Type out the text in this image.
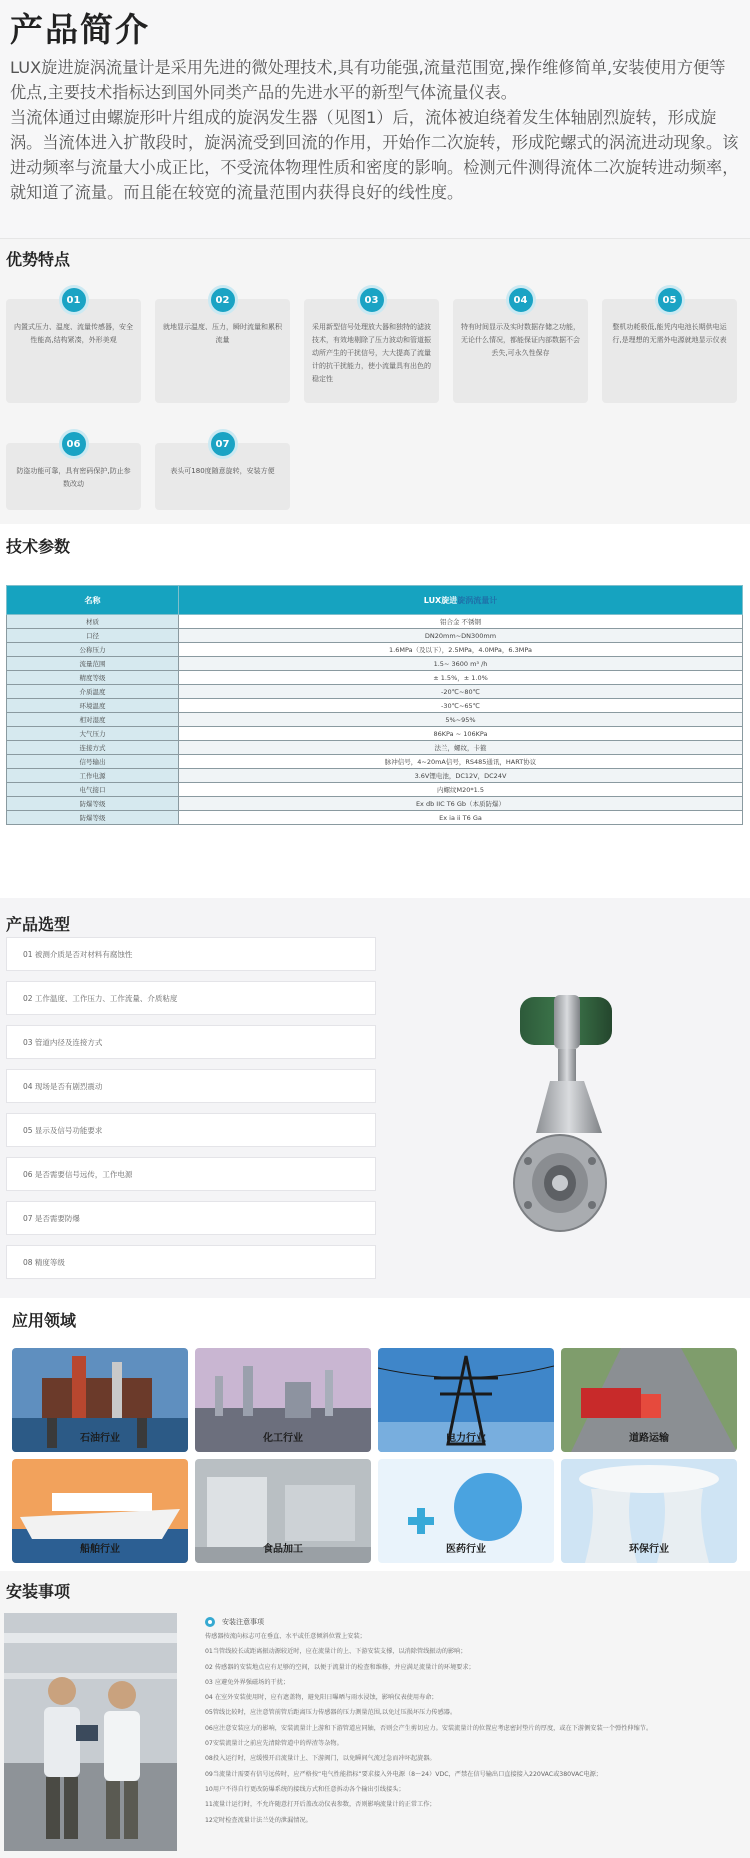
产品简介

LUX旋进旋涡流量计是采用先进的微处理技术,具有功能强,流量范围宽,操作维修简单,安装使用方便等优点,主要技术指标达到国外同类产品的先进水平的新型气体流量仪表。

当流体通过由螺旋形叶片组成的旋涡发生器（见图1）后，流体被迫绕着发生体轴剧烈旋转，形成旋涡。当流体进入扩散段时，旋涡流受到回流的作用，开始作二次旋转，形成陀螺式的涡流进动现象。该进动频率与流量大小成正比，不受流体物理性质和密度的影响。检测元件测得流体二次旋转进动频率，就知道了流量。而且能在较宽的流量范围内获得良好的线性度。

优势特点
01
内置式压力、温度、流量传感器，安全性能高,结构紧凑，外形美观
02
就地显示温度、压力，瞬时流量和累积流量
03
采用新型信号处理放大器和独特的滤波技术，有效地剔除了压力波动和管道振动所产生的干扰信号，大大提高了流量计的抗干扰能力，使小流量具有出色的稳定性
04
特有时间显示及实时数据存储之功能，无论什么情况，都能保证内部数据不会丢失,可永久性保存
05
整机功耗极低,能凭内电池长期供电运行,是理想的无需外电源就地显示仪表
06
防盗功能可靠，具有密码保护,防止参数改动
07
表头可180度随意旋转，安装方便
技术参数
名称	LUX旋进旋涡流量计
材质	铝合金 不锈钢
口径	DN20mm~DN300mm
公称压力	1.6MPa（及以下），2.5MPa，4.0MPa，6.3MPa
流量范围	1.5~ 3600 m³ /h
精度等级	± 1.5%，± 1.0%
介质温度	-20℃~80℃
环境温度	-30℃~65℃
相对湿度	5%~95%
大气压力	86KPa ~ 106KPa
连接方式	法兰，螺纹，卡箍
信号输出	脉冲信号，4~20mA信号，RS485通讯，HART协议
工作电源	3.6V锂电池，DC12V，DC24V
电气接口	内螺纹M20*1.5
防爆等级	Ex db IIC T6 Gb（本质防爆）
防爆等级	Ex ia ii T6 Ga
产品选型
01 被测介质是否对材料有腐蚀性
02 工作温度、工作压力、工作流量、介质粘度
03 管道内径及连接方式
04 现场是否有剧烈震动
05 显示及信号功能要求
06 是否需要信号远传，工作电源
07 是否需要防爆
08 精度等级
应用领域
石油行业	化工行业	电力行业	道路运输
船舶行业	食品加工	医药行业	环保行业
安装事项
安装注意事项
传感器按流向标志可在垂直、水平或任意倾斜位置上安装；
01当管线较长或距离振动源较近时，应在流量计的上、下游安装支撑，以消除管线振动的影响；
02 传感器的安装地点应有足够的空间，以便于流量计的检查和维修，并应满足流量计的环境要求；
03 应避免外界强磁场的干扰；
04 在室外安装使用时，应有遮盖物，避免阳日曝晒与雨水浸蚀，影响仪表使用寿命；
05管线比较时，应注意管前管后距离压力传感器的压力测量范围,以免过压损坏压力传感器。
06应注意安装应力的影响，安装流量计上游和下游管道应同轴，否则会产生剪切应力。安装流量计的位置应考虑密封垫片的厚度，或在下游侧安装一个弹性伸缩节。
07安装流量计之前应先清除管道中的焊渣等杂物。
08投入运行时，应缓慢开启流量计上、下游阀门，以免瞬间气流过急而冲坏起旋器。
09当流量计需要有信号远传时，应严格按“电气性能指标”要求接入外电源（8～24）VDC，严禁在信号输出口直接接入220VAC或380VAC电源；
10用户不得自行更改防爆系统的接线方式和任意拆动各个输出引线接头；
11流量计运行时，不允许随意打开后盖改动仪表参数，否则影响流量计的正常工作；
12定时检查流量计法兰处的泄漏情况。
